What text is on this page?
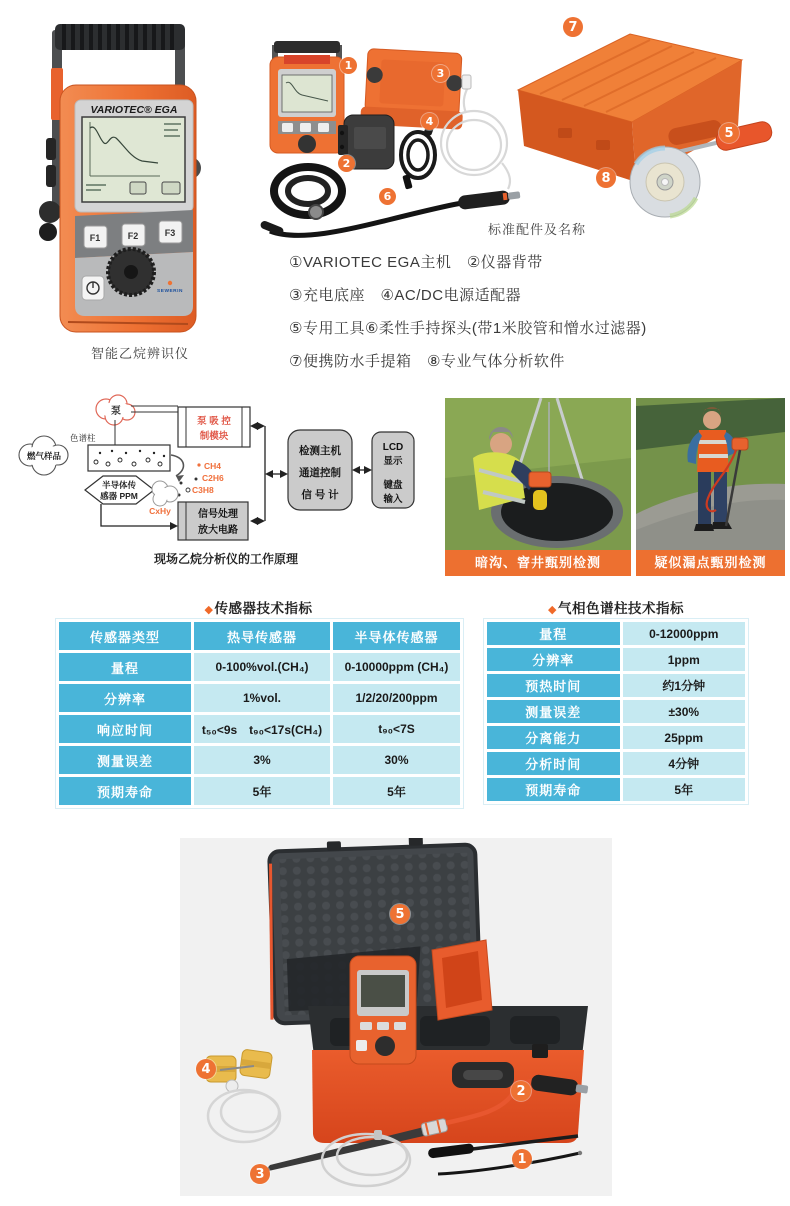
VARIOTEC® EGA
F1	F2	F3
SEWERIN
智能乙烷辨识仪
标准配件及名称
1
2
3
4
6
7
5
8
①VARIOTEC EGA主机　②仪器背带
③充电底座　④AC/DC电源适配器
⑤专用工具⑥柔性手持探头(带1米胶管和憎水过滤器)
⑦便携防水手提箱　⑧专业气体分析软件
燃气样品
泵
色谱柱
CH4
C2H6
C3H8
半导体传
感器 PPM
CxHy
泵 吸 控
制模块
信号处理
放大电路
检测主机
通道控制
信 号 计
LCD
显示
键盘
输入
现场乙烷分析仪的工作原理	暗沟、窨井甄别检测	疑似漏点甄别检测
◆传感器技术指标
传感器类型	热导传感器	半导体传感器
量程	0-100%vol.(CH₄)	0-10000ppm (CH₄)
分辨率	1%vol.	1/2/20/200ppm
响应时间	t₅₀<9s　t₉₀<17s(CH₄)	t₉₀<7S
测量误差	3%	30%
预期寿命	5年	5年
◆气相色谱柱技术指标
量程	0-12000ppm
分辨率	1ppm
预热时间	约1分钟
测量误差	±30%
分离能力	25ppm
分析时间	4分钟
预期寿命	5年
5
4
2
3
1
